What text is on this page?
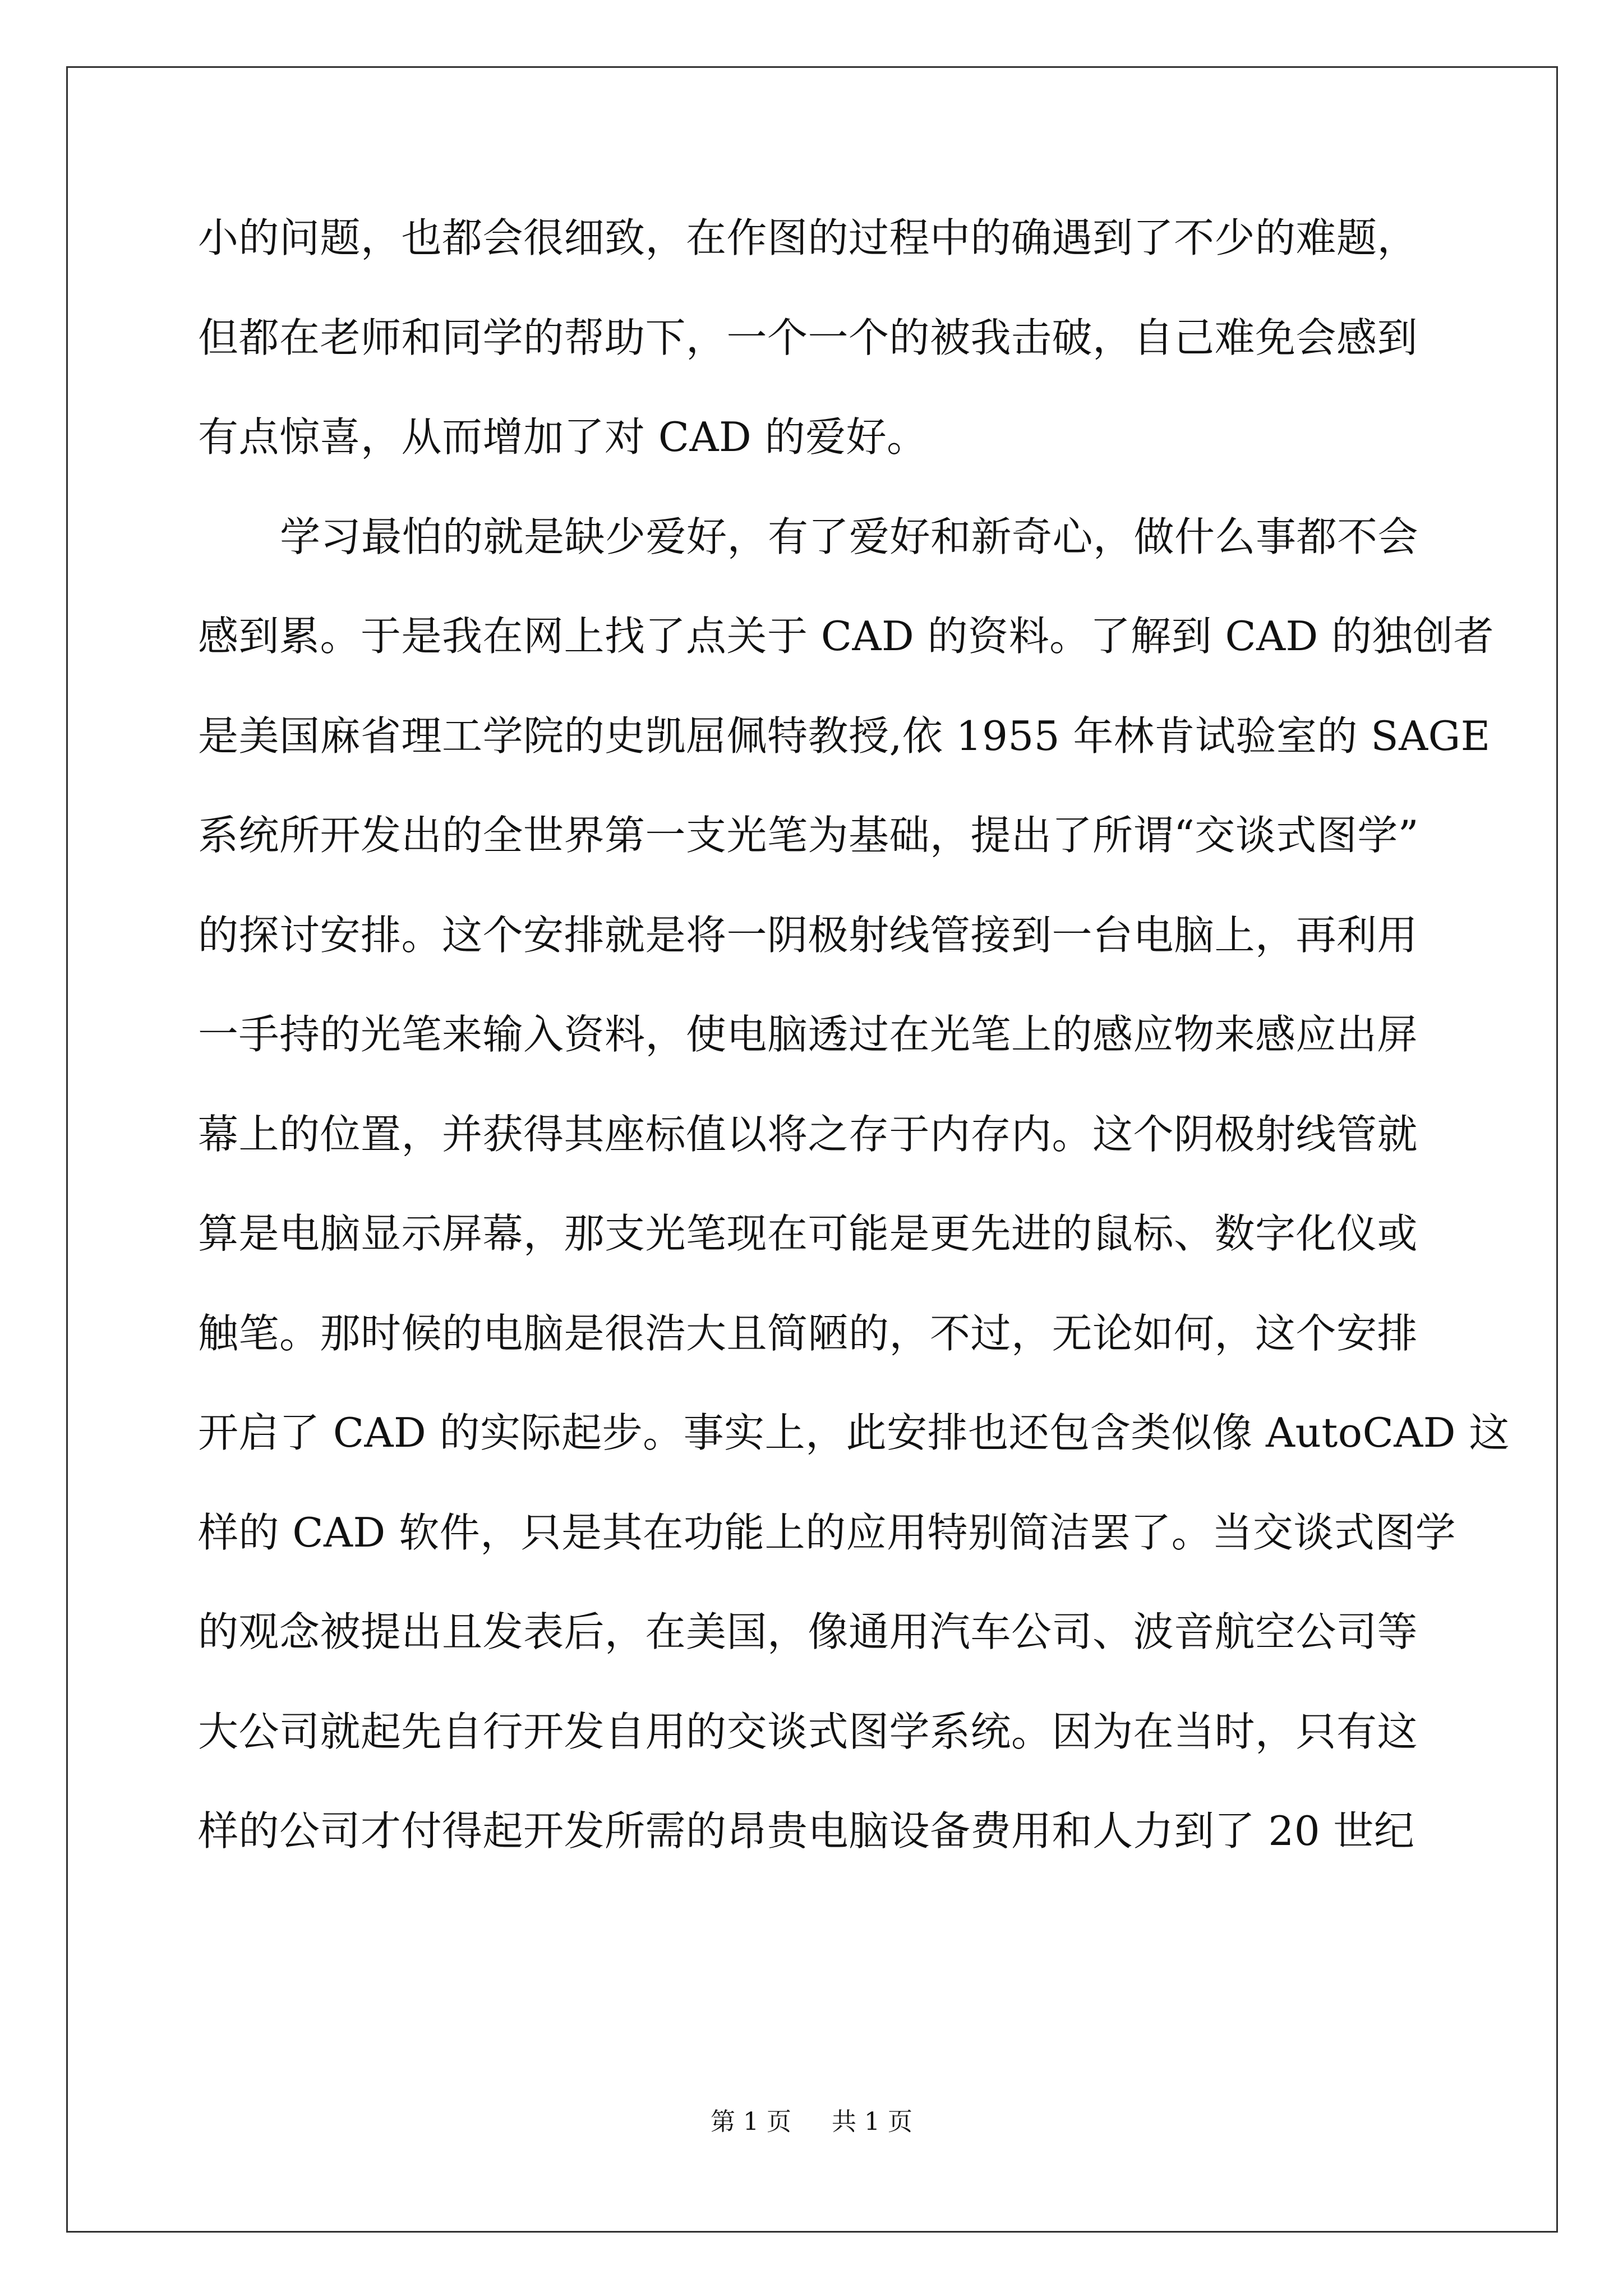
小的问题，也都会很细致，在作图的过程中的确遇到了不少的难题，
但都在老师和同学的帮助下，一个一个的被我击破，自己难免会感到
有点惊喜，从而增加了对 CAD 的爱好。
学习最怕的就是缺少爱好，有了爱好和新奇心，做什么事都不会
感到累。于是我在网上找了点关于 CAD 的资料。了解到 CAD 的独创者
是美国麻省理工学院的史凯屈佩特教授,依 1955 年林肯试验室的 SAGE
系统所开发出的全世界第一支光笔为基础，提出了所谓“交谈式图学”
的探讨安排。这个安排就是将一阴极射线管接到一台电脑上，再利用
一手持的光笔来输入资料，使电脑透过在光笔上的感应物来感应出屏
幕上的位置，并获得其座标值以将之存于内存内。这个阴极射线管就
算是电脑显示屏幕，那支光笔现在可能是更先进的鼠标、数字化仪或
触笔。那时候的电脑是很浩大且简陋的，不过，无论如何，这个安排
开启了 CAD 的实际起步。事实上，此安排也还包含类似像 AutoCAD 这
样的 CAD 软件，只是其在功能上的应用特别简洁罢了。当交谈式图学
的观念被提出且发表后，在美国，像通用汽车公司、波音航空公司等
大公司就起先自行开发自用的交谈式图学系统。因为在当时，只有这
样的公司才付得起开发所需的昂贵电脑设备费用和人力到了 20 世纪
第 1 页 共 1 页
